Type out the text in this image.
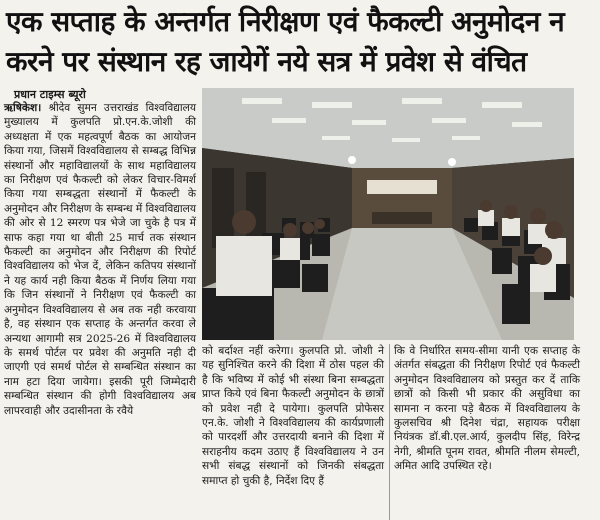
एक सप्ताह के अन्तर्गत निरीक्षण एवं फैकल्टी अनुमोदन न करने पर संस्थान रह जायेगें नये सत्र में प्रवेश से वंचित
प्रधान टाइम्स ब्यूरो
ऋषिकेश। श्रीदेव सुमन उत्तराखंड विश्वविद्यालय मुख्यालय में कुलपति प्रो.एन.के.जोशी की अध्यक्षता में एक महत्वपूर्ण बैठक का आयोजन किया गया, जिसमें विश्वविद्यालय से सम्बद्ध विभिन्न संस्थानों और महाविद्यालयों के साथ महाविद्यालय का निरीक्षण एवं फैकल्टी को लेकर विचार-विमर्श किया गया सम्बद्धता संस्थानों में फैकल्टी के अनुमोदन और निरीक्षण के सम्बन्ध में विश्वविद्यालय की ओर से 12 स्मरण पत्र भेजे जा चुके है पत्र में साफ कहा गया था बीती 25 मार्च तक संस्थान फैकल्टी का अनुमोदन और निरीक्षण की रिपोर्ट विश्वविद्यालय को भेज दें, लेकिन कतिपय संस्थानों ने यह कार्य नही किया बैठक में निर्णय लिया गया कि जिन संस्थानों ने निरीक्षण एवं फैकल्टी का अनुमोदन विश्वविद्यालय से अब तक नही करवाया है, वह संस्थान एक सप्ताह के अन्तर्गत करवा ले अन्यथा आगामी सत्र 2025-26 में विश्वविद्यालय के समर्थ पोर्टल पर प्रवेश की अनुमति नही दी जाएगी एवं समर्थ पोर्टल से सम्बन्धित संस्थान का नाम हटा दिया जायेगा। इसकी पूरी जिम्मेदारी सम्बन्धित संस्थान की होगी विश्वविद्यालय अब लापरवाही और उदासीनता के रवैये
को बर्दाश्त नहीं करेगा। कुलपति प्रो. जोशी ने यह सुनिश्चित करने की दिशा में ठोस पहल की है कि भविष्य में कोई भी संस्था बिना सम्बद्धता प्राप्त किये एवं बिना फैकल्टी अनुमोदन के छात्रों को प्रवेश नही दे पायेगा। कुलपति प्रोफेसर एन.के. जोशी ने विश्वविद्यालय की कार्यप्रणाली को पारदर्शी और उत्तरदायी बनाने की दिशा में सराहनीय कदम उठाए हैं विश्वविद्यालय ने उन सभी संबद्ध संस्थानों को जिनकी संबद्धता समाप्त हो चुकी है, निर्देश दिए हैं
कि वे निर्धारित समय-सीमा यानी एक सप्ताह के अंतर्गत संबद्धता की निरीक्षण रिपोर्ट एवं फैकल्टी अनुमोदन विश्वविद्यालय को प्रस्तुत कर दें ताकि छात्रों को किसी भी प्रकार की असुविधा का सामना न करना पड़े बैठक में विश्वविद्यालय के कुलसचिव श्री दिनेश चंद्रा, सहायक परीक्षा नियंत्रक डॉ.बी.एल.आर्य, कुलदीप सिंह, विरेन्द्र नेगी, श्रीमति पूनम रावत, श्रीमति नीलम सेमल्टी, अमित आदि उपस्थित रहे।
